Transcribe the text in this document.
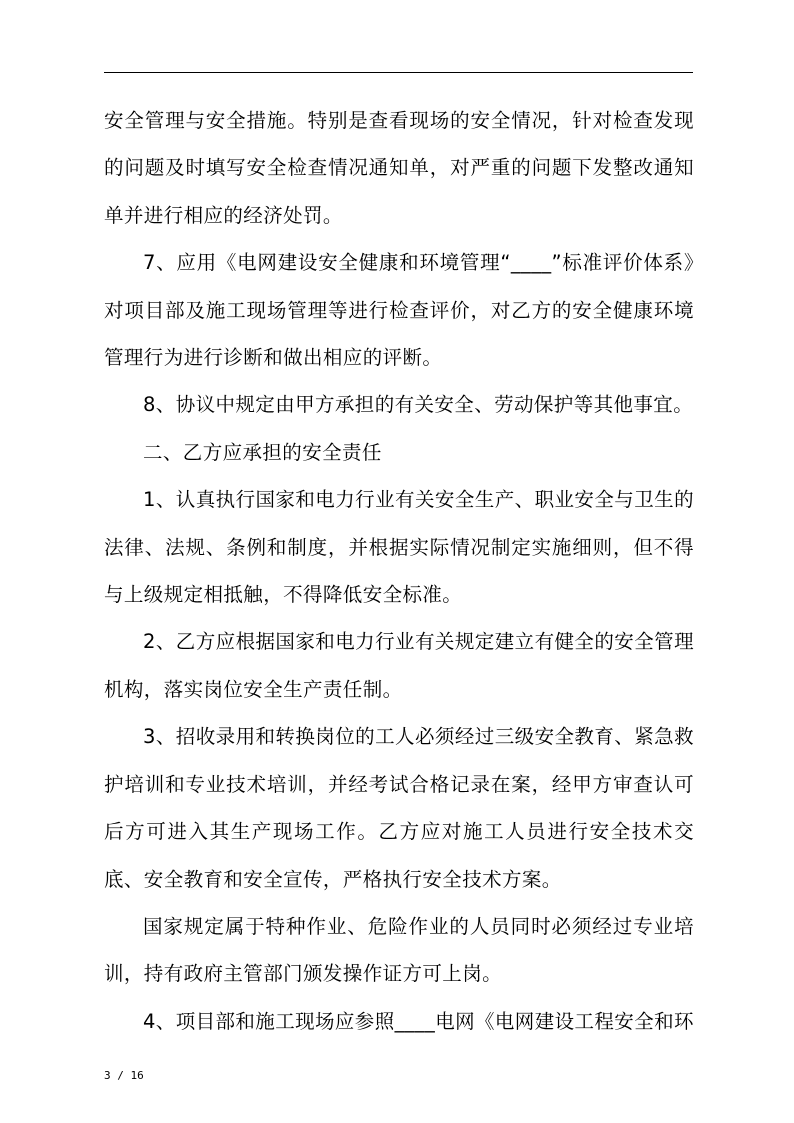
安全管理与安全措施。特别是查看现场的安全情况，针对检查发现的问题及时填写安全检查情况通知单，对严重的问题下发整改通知单并进行相应的经济处罚。

7、应用《电网建设安全健康和环境管理“____”标准评价体系》对项目部及施工现场管理等进行检查评价，对乙方的安全健康环境管理行为进行诊断和做出相应的评断。

8、协议中规定由甲方承担的有关安全、劳动保护等其他事宜。

二、乙方应承担的安全责任

1、认真执行国家和电力行业有关安全生产、职业安全与卫生的法律、法规、条例和制度，并根据实际情况制定实施细则，但不得与上级规定相抵触，不得降低安全标准。

2、乙方应根据国家和电力行业有关规定建立有健全的安全管理机构，落实岗位安全生产责任制。

3、招收录用和转换岗位的工人必须经过三级安全教育、紧急救护培训和专业技术培训，并经考试合格记录在案，经甲方审查认可后方可进入其生产现场工作。乙方应对施工人员进行安全技术交底、安全教育和安全宣传，严格执行安全技术方案。

国家规定属于特种作业、危险作业的人员同时必须经过专业培训，持有政府主管部门颁发操作证方可上岗。

4、项目部和施工现场应参照____电网《电网建设工程安全和环

3 / 16
